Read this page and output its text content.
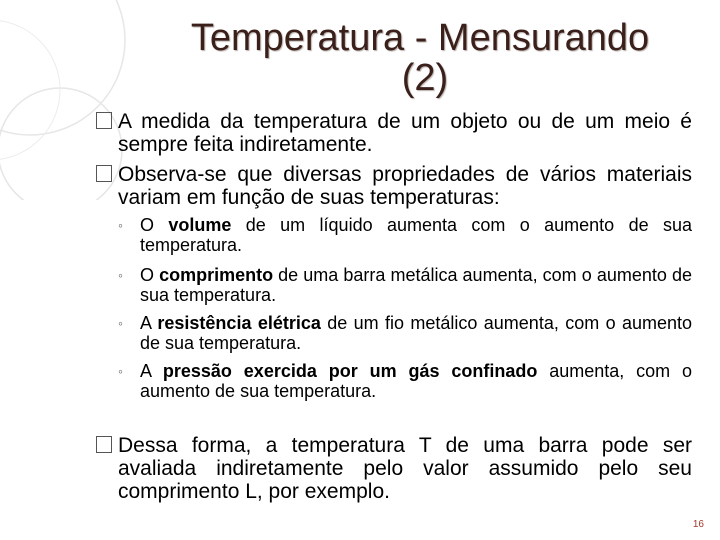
Temperatura - Mensurando
(2)
A medida da temperatura de um objeto ou de um meio é sempre feita indiretamente.
Observa-se que diversas propriedades de vários materiais variam em função de suas temperaturas:
◦ O volume de um líquido aumenta com o aumento de sua temperatura.
◦ O comprimento de uma barra metálica aumenta, com o aumento de sua temperatura.
◦ A resistência elétrica de um fio metálico aumenta, com o aumento de sua temperatura.
◦ A pressão exercida por um gás confinado aumenta, com o aumento de sua temperatura.
Dessa forma, a temperatura T de uma barra pode ser avaliada indiretamente pelo valor assumido pelo seu comprimento L, por exemplo.
16
